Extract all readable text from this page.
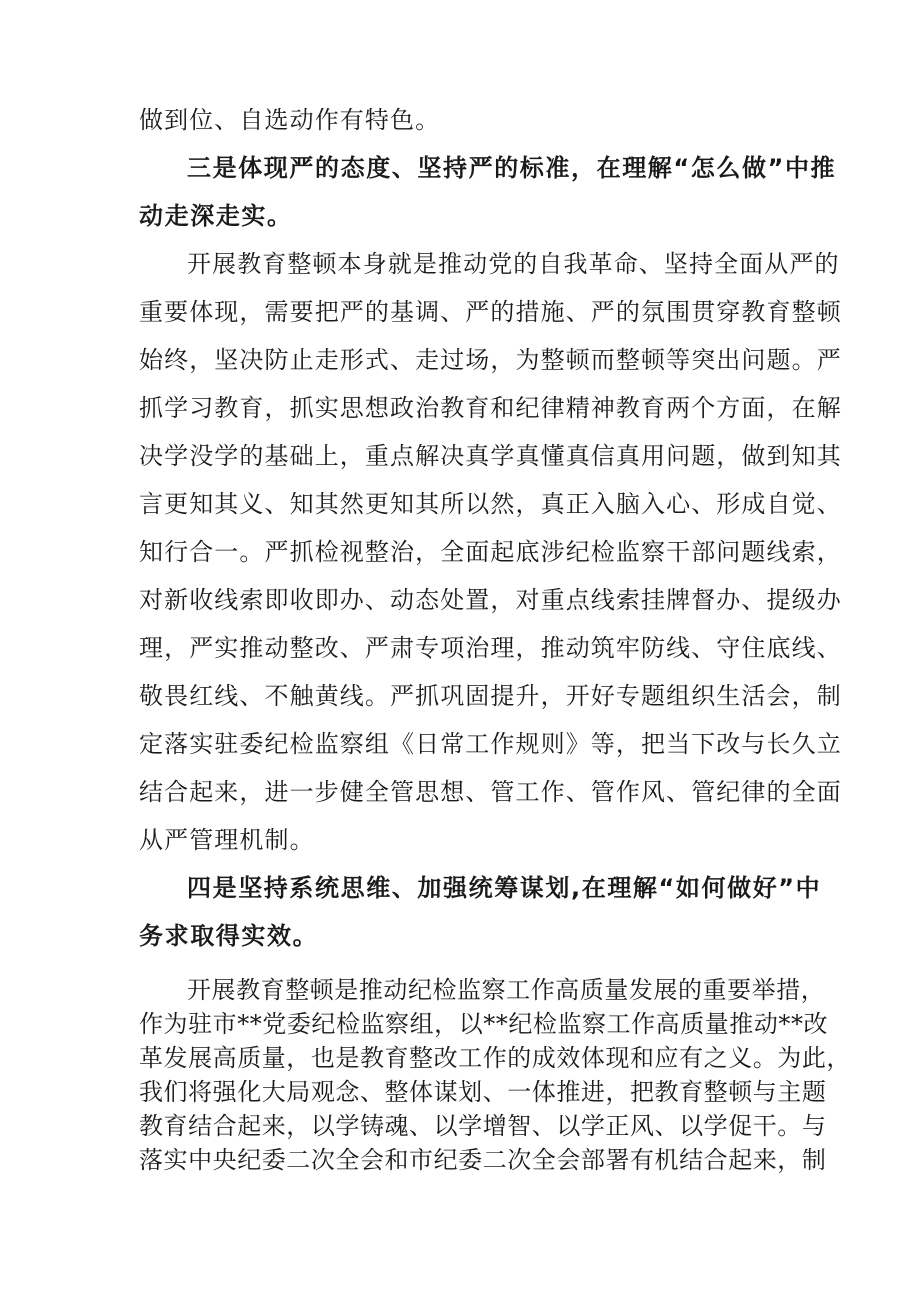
做到位、自选动作有特色。
三是体现严的态度、坚持严的标准，在理解“怎么做”中推
动走深走实。
开展教育整顿本身就是推动党的自我革命、坚持全面从严的
重要体现，需要把严的基调、严的措施、严的氛围贯穿教育整顿
始终，坚决防止走形式、走过场，为整顿而整顿等突出问题。严
抓学习教育，抓实思想政治教育和纪律精神教育两个方面，在解
决学没学的基础上，重点解决真学真懂真信真用问题，做到知其
言更知其义、知其然更知其所以然，真正入脑入心、形成自觉、
知行合一。严抓检视整治，全面起底涉纪检监察干部问题线索，
对新收线索即收即办、动态处置，对重点线索挂牌督办、提级办
理，严实推动整改、严肃专项治理，推动筑牢防线、守住底线、
敬畏红线、不触黄线。严抓巩固提升，开好专题组织生活会，制
定落实驻委纪检监察组《日常工作规则》等，把当下改与长久立
结合起来，进一步健全管思想、管工作、管作风、管纪律的全面
从严管理机制。
四是坚持系统思维、加强统筹谋划,在理解“如何做好”中
务求取得实效。
开展教育整顿是推动纪检监察工作高质量发展的重要举措，
作为驻市**党委纪检监察组，以**纪检监察工作高质量推动**改
革发展高质量，也是教育整改工作的成效体现和应有之义。为此，
我们将强化大局观念、整体谋划、一体推进，把教育整顿与主题
教育结合起来，以学铸魂、以学增智、以学正风、以学促干。与
落实中央纪委二次全会和市纪委二次全会部署有机结合起来，制
